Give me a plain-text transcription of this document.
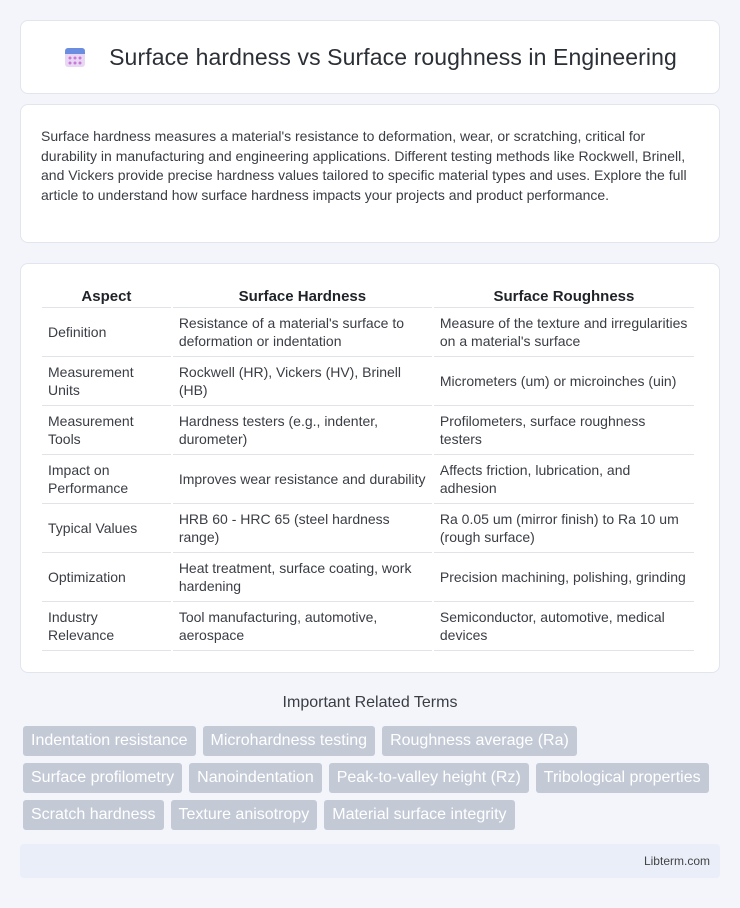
Surface hardness vs Surface roughness in Engineering

Surface hardness measures a material's resistance to deformation, wear, or scratching, critical for durability in manufacturing and engineering applications. Different testing methods like Rockwell, Brinell, and Vickers provide precise hardness values tailored to specific material types and uses. Explore the full article to understand how surface hardness impacts your projects and product performance.

Aspect	Surface Hardness	Surface Roughness
Definition	Resistance of a material's surface to deformation or indentation	Measure of the texture and irregularities on a material's surface
Measurement Units	Rockwell (HR), Vickers (HV), Brinell (HB)	Micrometers (um) or microinches (uin)
Measurement Tools	Hardness testers (e.g., indenter, durometer)	Profilometers, surface roughness testers
Impact on Performance	Improves wear resistance and durability	Affects friction, lubrication, and adhesion
Typical Values	HRB 60 - HRC 65 (steel hardness range)	Ra 0.05 um (mirror finish) to Ra 10 um (rough surface)
Optimization	Heat treatment, surface coating, work hardening	Precision machining, polishing, grinding
Industry Relevance	Tool manufacturing, automotive, aerospace	Semiconductor, automotive, medical devices
Important Related Terms
Indentation resistance	Microhardness testing	Roughness average (Ra)
Surface profilometry	Nanoindentation	Peak-to-valley height (Rz)	Tribological properties
Scratch hardness	Texture anisotropy	Material surface integrity
Libterm.com
